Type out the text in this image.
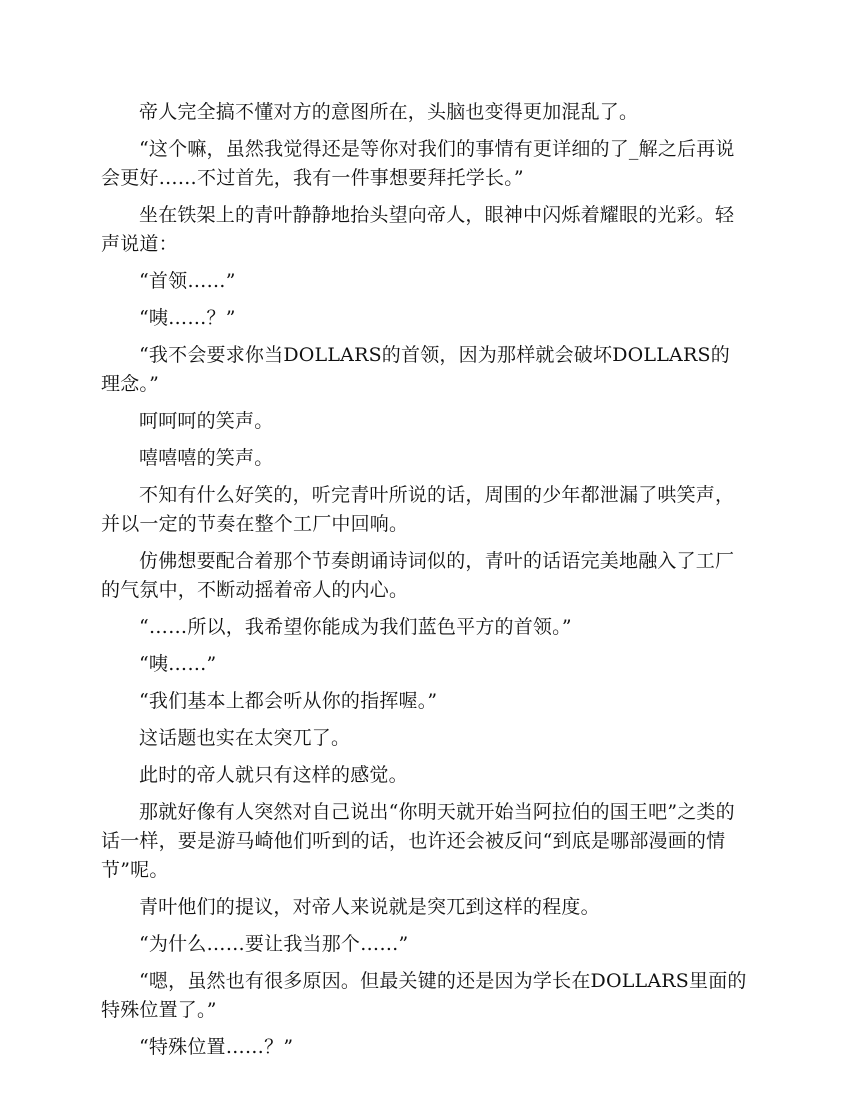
帝人完全搞不懂对方的意图所在，头脑也变得更加混乱了。

“这个嘛，虽然我觉得还是等你对我们的事情有更详细的了_解之后再说会更好……不过首先，我有一件事想要拜托学长。”

坐在铁架上的青叶静静地抬头望向帝人，眼神中闪烁着耀眼的光彩。轻声说道：

“首领……”

“咦……？”

“我不会要求你当DOLLARS的首领，因为那样就会破坏DOLLARS的理念。”

呵呵呵的笑声。

嘻嘻嘻的笑声。

不知有什么好笑的，听完青叶所说的话，周围的少年都泄漏了哄笑声，并以一定的节奏在整个工厂中回响。

仿佛想要配合着那个节奏朗诵诗词似的，青叶的话语完美地融入了工厂的气氛中，不断动摇着帝人的内心。

“……所以，我希望你能成为我们蓝色平方的首领。”

“咦……”

“我们基本上都会听从你的指挥喔。”

这话题也实在太突兀了。

此时的帝人就只有这样的感觉。

那就好像有人突然对自己说出“你明天就开始当阿拉伯的国王吧”之类的话一样，要是游马崎他们听到的话，也许还会被反问“到底是哪部漫画的情节”呢。

青叶他们的提议，对帝人来说就是突兀到这样的程度。

“为什么……要让我当那个……”

“嗯，虽然也有很多原因。但最关键的还是因为学长在DOLLARS里面的特殊位置了。”

“特殊位置……？”
